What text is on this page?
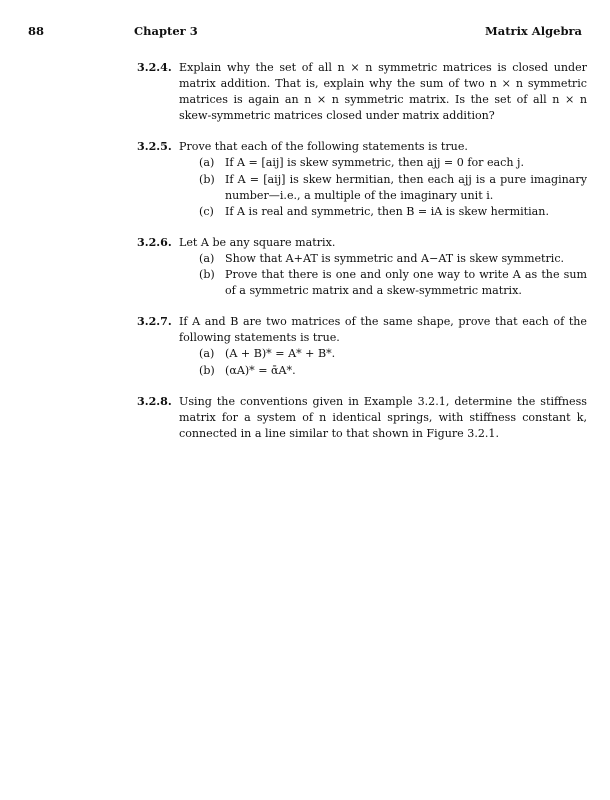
88	Chapter 3	Matrix Algebra
3.2.4. Explain why the set of all n × n symmetric matrices is closed under matrix addition. That is, explain why the sum of two n × n symmetric matrices is again an n × n symmetric matrix. Is the set of all n × n skew-symmetric matrices closed under matrix addition?
3.2.5. Prove that each of the following statements is true.
(a) If A = [aij] is skew symmetric, then ajj = 0 for each j.
(b) If A = [aij] is skew hermitian, then each ajj is a pure imaginary number—i.e., a multiple of the imaginary unit i.
(c) If A is real and symmetric, then B = iA is skew hermitian.
3.2.6. Let A be any square matrix.
(a) Show that A+AT is symmetric and A−AT is skew symmetric.
(b) Prove that there is one and only one way to write A as the sum of a symmetric matrix and a skew-symmetric matrix.
3.2.7. If A and B are two matrices of the same shape, prove that each of the following statements is true.
(a) (A + B)* = A* + B*.
(b) (αA)* = ᾱA*.
3.2.8. Using the conventions given in Example 3.2.1, determine the stiffness matrix for a system of n identical springs, with stiffness constant k, connected in a line similar to that shown in Figure 3.2.1.
